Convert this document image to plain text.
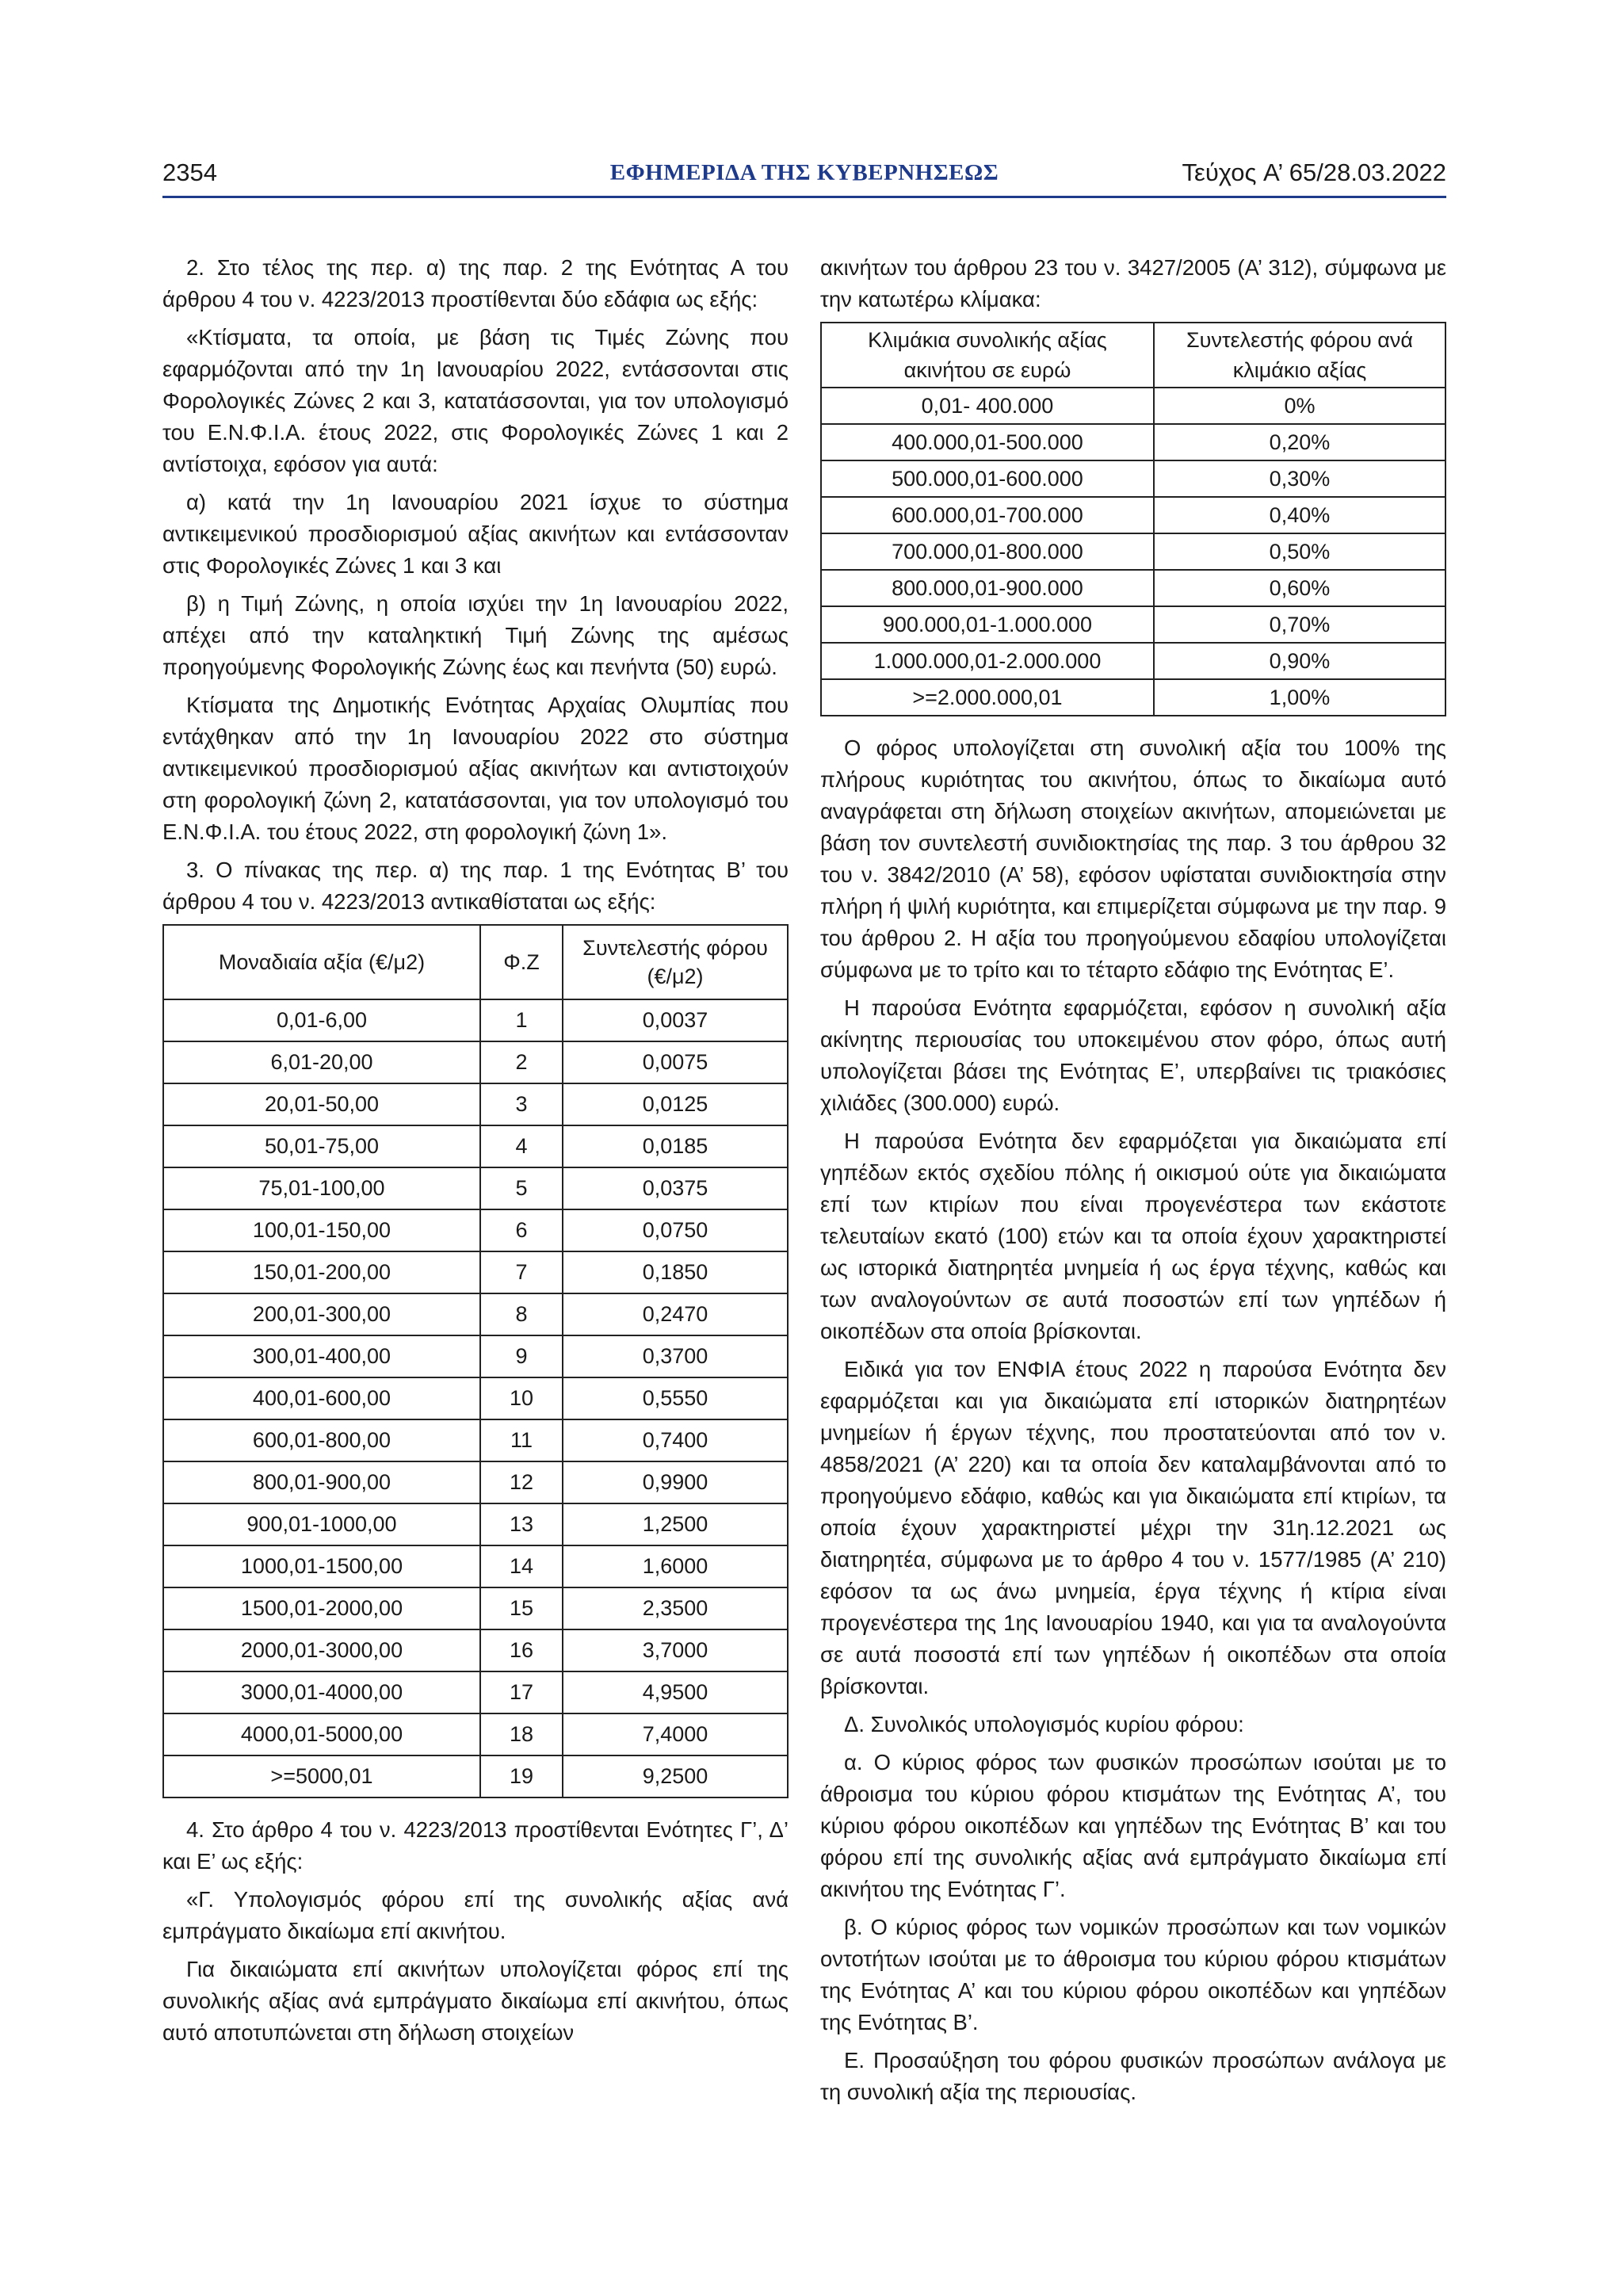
2354	ΕΦΗΜΕΡΙΔΑ ΤΗΣ ΚΥΒΕΡΝΗΣΕΩΣ	Τεύχος A’ 65/28.03.2022

2. Στο τέλος της περ. α) της παρ. 2 της Ενότητας Α του άρθρου 4 του ν. 4223/2013 προστίθενται δύο εδάφια ως εξής:

«Κτίσματα, τα οποία, με βάση τις Τιμές Ζώνης που εφαρμόζονται από την 1η Ιανουαρίου 2022, εντάσσονται στις Φορολογικές Ζώνες 2 και 3, κατατάσσονται, για τον υπολογισμό του Ε.Ν.Φ.Ι.Α. έτους 2022, στις Φορολογικές Ζώνες 1 και 2 αντίστοιχα, εφόσον για αυτά:

α) κατά την 1η Ιανουαρίου 2021 ίσχυε το σύστημα αντικειμενικού προσδιορισμού αξίας ακινήτων και εντάσσονταν στις Φορολογικές Ζώνες 1 και 3 και

β) η Τιμή Ζώνης, η οποία ισχύει την 1η Ιανουαρίου 2022, απέχει από την καταληκτική Τιμή Ζώνης της αμέσως προηγούμενης Φορολογικής Ζώνης έως και πενήντα (50) ευρώ.

Κτίσματα της Δημοτικής Ενότητας Αρχαίας Ολυμπίας που εντάχθηκαν από την 1η Ιανουαρίου 2022 στο σύστημα αντικειμενικού προσδιορισμού αξίας ακινήτων και αντιστοιχούν στη φορολογική ζώνη 2, κατατάσσονται, για τον υπολογισμό του Ε.Ν.Φ.Ι.Α. του έτους 2022, στη φορολογική ζώνη 1».

3. Ο πίνακας της περ. α) της παρ. 1 της Ενότητας Β’ του άρθρου 4 του ν. 4223/2013 αντικαθίσταται ως εξής:

Μοναδιαία αξία (€/μ2)	Φ.Ζ	Συντελεστής φόρου (€/μ2)
0,01-6,00	1	0,0037
6,01-20,00	2	0,0075
20,01-50,00	3	0,0125
50,01-75,00	4	0,0185
75,01-100,00	5	0,0375
100,01-150,00	6	0,0750
150,01-200,00	7	0,1850
200,01-300,00	8	0,2470
300,01-400,00	9	0,3700
400,01-600,00	10	0,5550
600,01-800,00	11	0,7400
800,01-900,00	12	0,9900
900,01-1000,00	13	1,2500
1000,01-1500,00	14	1,6000
1500,01-2000,00	15	2,3500
2000,01-3000,00	16	3,7000
3000,01-4000,00	17	4,9500
4000,01-5000,00	18	7,4000
>=5000,01	19	9,2500

4. Στο άρθρο 4 του ν. 4223/2013 προστίθενται Ενότητες Γ’, Δ’ και Ε’ ως εξής:

«Γ. Υπολογισμός φόρου επί της συνολικής αξίας ανά εμπράγματο δικαίωμα επί ακινήτου.

Για δικαιώματα επί ακινήτων υπολογίζεται φόρος επί της συνολικής αξίας ανά εμπράγματο δικαίωμα επί ακινήτου, όπως αυτό αποτυπώνεται στη δήλωση στοιχείων

ακινήτων του άρθρου 23 του ν. 3427/2005 (Α’ 312), σύμφωνα με την κατωτέρω κλίμακα:

Κλιμάκια συνολικής αξίας ακινήτου σε ευρώ	Συντελεστής φόρου ανά κλιμάκιο αξίας
0,01- 400.000	0%
400.000,01-500.000	0,20%
500.000,01-600.000	0,30%
600.000,01-700.000	0,40%
700.000,01-800.000	0,50%
800.000,01-900.000	0,60%
900.000,01-1.000.000	0,70%
1.000.000,01-2.000.000	0,90%
>=2.000.000,01	1,00%

Ο φόρος υπολογίζεται στη συνολική αξία του 100% της πλήρους κυριότητας του ακινήτου, όπως το δικαίωμα αυτό αναγράφεται στη δήλωση στοιχείων ακινήτων, απομειώνεται με βάση τον συντελεστή συνιδιοκτησίας της παρ. 3 του άρθρου 32 του ν. 3842/2010 (Α’ 58), εφόσον υφίσταται συνιδιοκτησία στην πλήρη ή ψιλή κυριότητα, και επιμερίζεται σύμφωνα με την παρ. 9 του άρθρου 2. Η αξία του προηγούμενου εδαφίου υπολογίζεται σύμφωνα με το τρίτο και το τέταρτο εδάφιο της Ενότητας Ε’.

Η παρούσα Ενότητα εφαρμόζεται, εφόσον η συνολική αξία ακίνητης περιουσίας του υποκειμένου στον φόρο, όπως αυτή υπολογίζεται βάσει της Ενότητας Ε’, υπερβαίνει τις τριακόσιες χιλιάδες (300.000) ευρώ.

Η παρούσα Ενότητα δεν εφαρμόζεται για δικαιώματα επί γηπέδων εκτός σχεδίου πόλης ή οικισμού ούτε για δικαιώματα επί των κτιρίων που είναι προγενέστερα των εκάστοτε τελευταίων εκατό (100) ετών και τα οποία έχουν χαρακτηριστεί ως ιστορικά διατηρητέα μνημεία ή ως έργα τέχνης, καθώς και των αναλογούντων σε αυτά ποσοστών επί των γηπέδων ή οικοπέδων στα οποία βρίσκονται.

Ειδικά για τον ΕΝΦΙΑ έτους 2022 η παρούσα Ενότητα δεν εφαρμόζεται και για δικαιώματα επί ιστορικών διατηρητέων μνημείων ή έργων τέχνης, που προστατεύονται από τον ν. 4858/2021 (Α’ 220) και τα οποία δεν καταλαμβάνονται από το προηγούμενο εδάφιο, καθώς και για δικαιώματα επί κτιρίων, τα οποία έχουν χαρακτηριστεί μέχρι την 31η.12.2021 ως διατηρητέα, σύμφωνα με το άρθρο 4 του ν. 1577/1985 (Α’ 210) εφόσον τα ως άνω μνημεία, έργα τέχνης ή κτίρια είναι προγενέστερα της 1ης Ιανουαρίου 1940, και για τα αναλογούντα σε αυτά ποσοστά επί των γηπέδων ή οικοπέδων στα οποία βρίσκονται.

Δ. Συνολικός υπολογισμός κυρίου φόρου:

α. Ο κύριος φόρος των φυσικών προσώπων ισούται με το άθροισμα του κύριου φόρου κτισμάτων της Ενότητας Α’, του κύριου φόρου οικοπέδων και γηπέδων της Ενότητας Β’ και του φόρου επί της συνολικής αξίας ανά εμπράγματο δικαίωμα επί ακινήτου της Ενότητας Γ’.

β. Ο κύριος φόρος των νομικών προσώπων και των νομικών οντοτήτων ισούται με το άθροισμα του κύριου φόρου κτισμάτων της Ενότητας Α’ και του κύριου φόρου οικοπέδων και γηπέδων της Ενότητας Β’.

Ε. Προσαύξηση του φόρου φυσικών προσώπων ανάλογα με τη συνολική αξία της περιουσίας.
